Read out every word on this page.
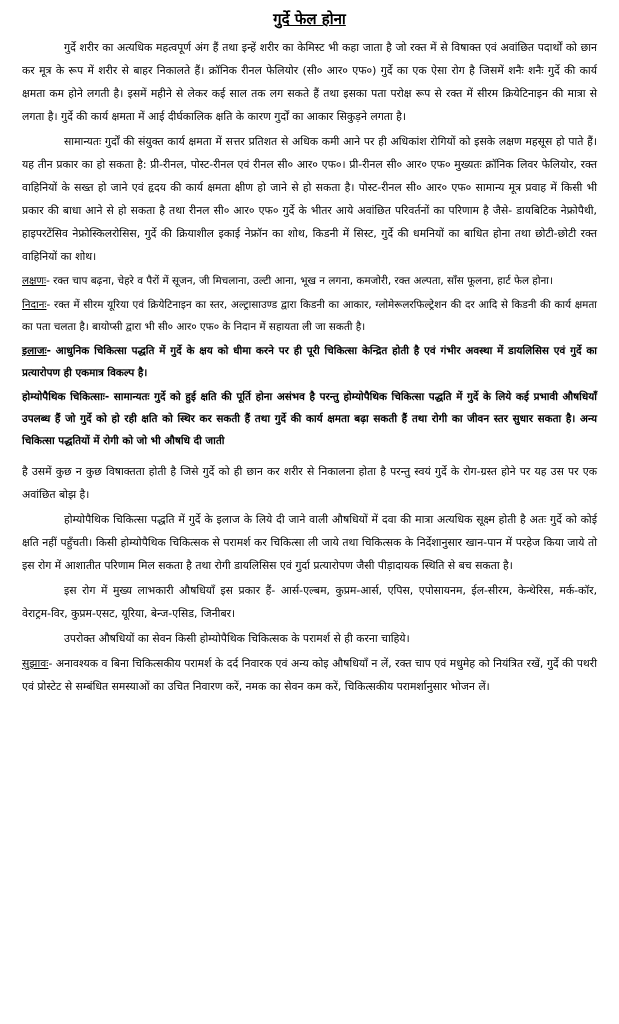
गुर्दे फेल होना

गुर्दे शरीर का अत्यधिक महत्वपूर्ण अंग हैं तथा इन्हें शरीर का केमिस्ट भी कहा जाता है जो रक्त में से विषाक्त एवं अवांछित पदार्थों को छान कर मूत्र के रूप में शरीर से बाहर निकालते हैं। क्रॉनिक रीनल फेलियोर (सी० आर० एफ०) गुर्दे का एक ऐसा रोग है जिसमें शनैः शनैः गुर्दे की कार्य क्षमता कम होने लगती है। इसमें महीने से लेकर कई साल तक लग सकते हैं तथा इसका पता परोक्ष रूप से रक्त में सीरम क्रियेटिनाइन की मात्रा से लगता है। गुर्दे की कार्य क्षमता में आई दीर्घकालिक क्षति के कारण गुर्दों का आकार सिकुड़ने लगता है।

सामान्यतः गुर्दों की संयुक्त कार्य क्षमता में सत्तर प्रतिशत से अधिक कमी आने पर ही अधिकांश रोगियों को इसके लक्षण महसूस हो पाते हैं। यह तीन प्रकार का हो सकता है: प्री-रीनल, पोस्ट-रीनल एवं रीनल सी० आर० एफ०। प्री-रीनल सी० आर० एफ० मुख्यतः क्रॉनिक लिवर फेलियोर, रक्त वाहिनियों के सख्त हो जाने एवं हृदय की कार्य क्षमता क्षीण हो जाने से हो सकता है। पोस्ट-रीनल सी० आर० एफ० सामान्य मूत्र प्रवाह में किसी भी प्रकार की बाधा आने से हो सकता है तथा रीनल सी० आर० एफ० गुर्दे के भीतर आये अवांछित परिवर्तनों का परिणाम है जैसे- डायबिटिक नेफ्रोपैथी, हाइपरटेंसिव नेफ्रोस्किलरोसिस, गुर्दे की क्रियाशील इकाई नेफ्रॉन का शोथ, किडनी में सिस्ट, गुर्दे की धमनियों का बाधित होना तथा छोटी-छोटी रक्त वाहिनियों का शोथ।

लक्षणः- रक्त चाप बढ़ना, चेहरे व पैरों में सूजन, जी मिचलाना, उल्टी आना, भूख न लगना, कमजोरी, रक्त अल्पता, साँस फूलना, हार्ट फेल होना।

निदानः- रक्त में सीरम यूरिया एवं क्रियेटिनाइन का स्तर, अल्ट्रासाउण्ड द्वारा किडनी का आकार, ग्लोमेरूलरफिल्ट्रेशन की दर आदि से किडनी की कार्य क्षमता का पता चलता है। बायोप्सी द्वारा भी सी० आर० एफ० के निदान में सहायता ली जा सकती है।

इलाजः- आधुनिक चिकित्सा पद्धति में गुर्दे के क्षय को धीमा करने पर ही पूरी चिकित्सा केन्द्रित होती है एवं गंभीर अवस्था में डायलिसिस एवं गुर्दे का प्रत्यारोपण ही एकमात्र विकल्प है।

होम्योपैथिक चिकित्साः- सामान्यतः गुर्दे को हुई क्षति की पूर्ति होना असंभव है परन्तु होम्योपैथिक चिकित्सा पद्धति में गुर्दे के लिये कई प्रभावी औषधियाँ उपलब्ध हैं जो गुर्दे को हो रही क्षति को स्थिर कर सकती हैं तथा गुर्दे की कार्य क्षमता बढ़ा सकती हैं तथा रोगी का जीवन स्तर सुधार सकता है। अन्य चिकित्सा पद्धतियों में रोगी को जो भी औषधि दी जाती

है उसमें कुछ न कुछ विषाक्तता होती है जिसे गुर्दे को ही छान कर शरीर से निकालना होता है परन्तु स्वयं गुर्दे के रोग-ग्रस्त होने पर यह उस पर एक अवांछित बोझ है।

होम्योपैथिक चिकित्सा पद्धति में गुर्दे के इलाज के लिये दी जाने वाली औषधियों में दवा की मात्रा अत्यधिक सूक्ष्म होती है अतः गुर्दे को कोई क्षति नहीं पहुँचती। किसी होम्योपैथिक चिकित्सक से परामर्श कर चिकित्सा ली जाये तथा चिकित्सक के निर्देशानुसार खान-पान में परहेज किया जाये तो इस रोग में आशातीत परिणाम मिल सकता है तथा रोगी डायलिसिस एवं गुर्दा प्रत्यारोपण जैसी पीड़ादायक स्थिति से बच सकता है।

इस रोग में मुख्य लाभकारी औषधियाँ इस प्रकार हैं- आर्स-एल्बम, कुप्रम-आर्स, एपिस, एपोसायनम, ईल-सीरम, केन्थेरिस, मर्क-कॉर, वेराट्रम-विर, कुप्रम-एसट, यूरिया, बेन्ज-एसिड, जिनीबर।

उपरोक्त औषधियों का सेवन किसी होम्योपैथिक चिकित्सक के परामर्श से ही करना चाहिये।

सुझावः- अनावश्यक व बिना चिकित्सकीय परामर्श के दर्द निवारक एवं अन्य कोइ औषधियाँ न लें, रक्त चाप एवं मधुमेह को नियंत्रित रखें, गुर्दे की पथरी एवं प्रोस्टेट से सम्बंधित समस्याओं का उचित निवारण करें, नमक का सेवन कम करें, चिकित्सकीय परामर्शानुसार भोजन लें।
